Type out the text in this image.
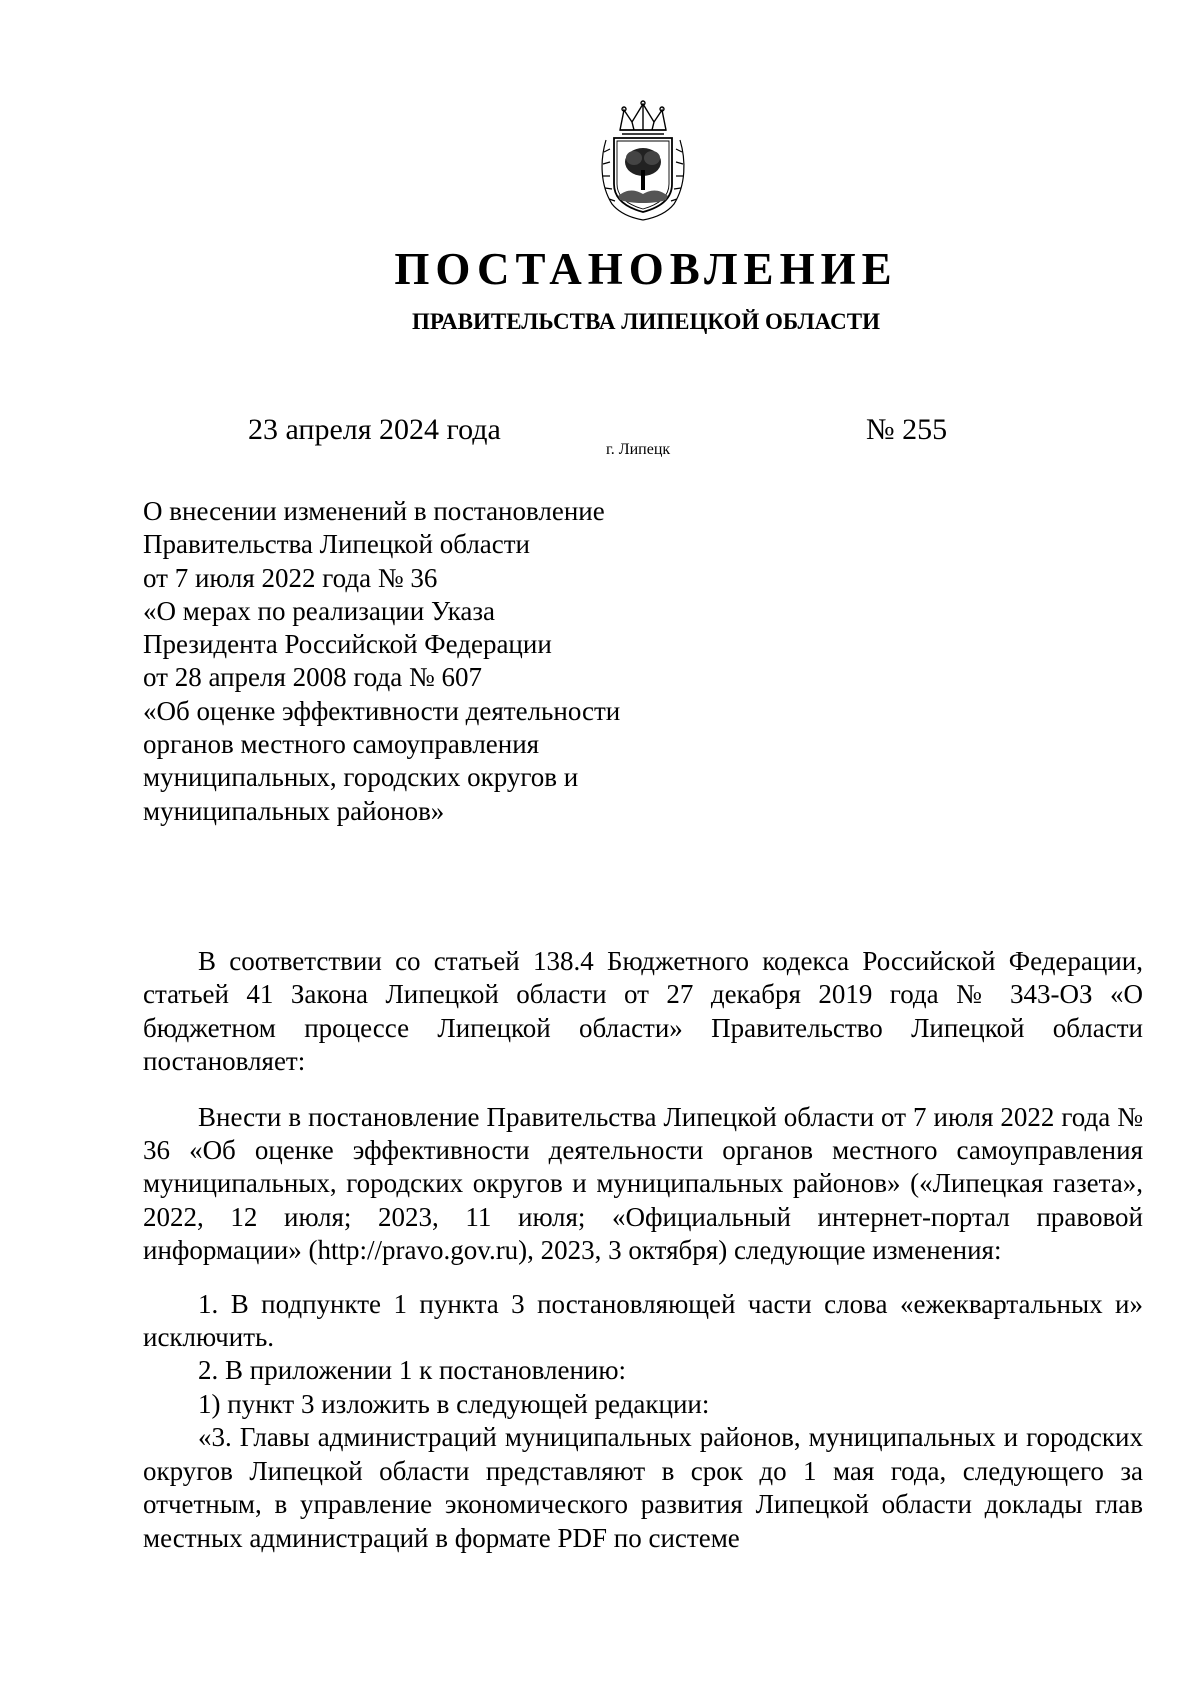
ПОСТАНОВЛЕНИЕ
ПРАВИТЕЛЬСТВА ЛИПЕЦКОЙ ОБЛАСТИ
23 апреля 2024 года
г. Липецк
№ 255
О внесении изменений в постановление
Правительства Липецкой области
от 7 июля 2022 года № 36
«О мерах по реализации Указа
Президента Российской Федерации
от 28 апреля 2008 года № 607
«Об оценке эффективности деятельности
органов местного самоуправления
муниципальных, городских округов и
муниципальных районов»

В соответствии со статьей 138.4 Бюджетного кодекса Российской Федерации, статьей 41 Закона Липецкой области от 27 декабря 2019 года № 343-ОЗ «О бюджетном процессе Липецкой области» Правительство Липецкой области постановляет:

Внести в постановление Правительства Липецкой области от 7 июля 2022 года № 36 «Об оценке эффективности деятельности органов местного самоуправления муниципальных, городских округов и муниципальных районов» («Липецкая газета», 2022, 12 июля; 2023, 11 июля; «Официальный интернет-портал правовой информации» (http://pravo.gov.ru), 2023, 3 октября) следующие изменения:

1. В подпункте 1 пункта 3 постановляющей части слова «ежеквартальных и» исключить.

2. В приложении 1 к постановлению:

1) пункт 3 изложить в следующей редакции:

«3. Главы администраций муниципальных районов, муниципальных и городских округов Липецкой области представляют в срок до 1 мая года, следующего за отчетным, в управление экономического развития Липецкой области доклады глав местных администраций в формате PDF по системе
